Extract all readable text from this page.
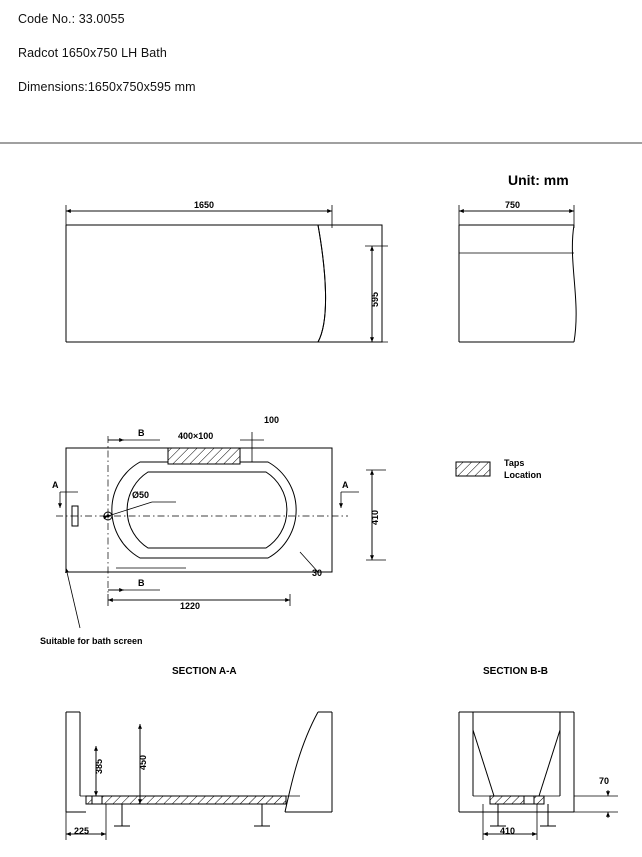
Code No.: 33.0055
Radcot 1650x750 LH Bath
Dimensions:1650x750x595 mm
Unit: mm
1650
595
750
B
B
A	A
400×100
100
Ø50
410
30
1220
Suitable for bath screen
Taps
Location
SECTION A-A	SECTION B-B
385	450
225
70
410
